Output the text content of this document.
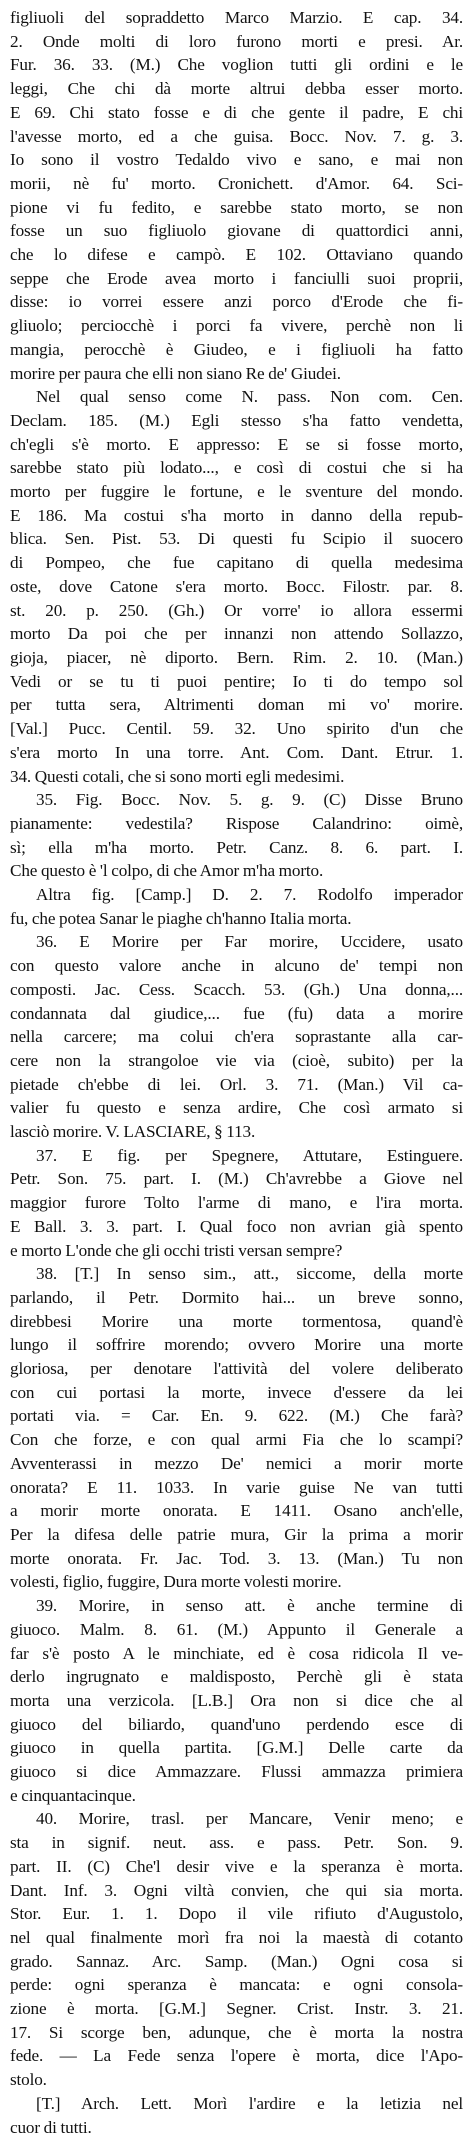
figliuoli del sopraddetto Marco Marzio. E cap. 34.
2. Onde molti di loro furono morti e presi. Ar.
Fur. 36. 33. (M.) Che voglion tutti gli ordini e le
leggi, Che chi dà morte altrui debba esser morto.
E 69. Chi stato fosse e di che gente il padre, E chi
l'avesse morto, ed a che guisa. Bocc. Nov. 7. g. 3.
Io sono il vostro Tedaldo vivo e sano, e mai non
morii, nè fu' morto. Cronichett. d'Amor. 64. Sci-
pione vi fu fedito, e sarebbe stato morto, se non
fosse un suo figliuolo giovane di quattordici anni,
che lo difese e campò. E 102. Ottaviano quando
seppe che Erode avea morto i fanciulli suoi proprii,
disse: io vorrei essere anzi porco d'Erode che fi-
gliuolo; perciocchè i porci fa vivere, perchè non li
mangia, perocchè è Giudeo, e i figliuoli ha fatto
morire per paura che elli non siano Re de' Giudei.
Nel qual senso come N. pass. Non com. Cen.
Declam. 185. (M.) Egli stesso s'ha fatto vendetta,
ch'egli s'è morto. E appresso: E se si fosse morto,
sarebbe stato più lodato..., e così di costui che si ha
morto per fuggire le fortune, e le sventure del mondo.
E 186. Ma costui s'ha morto in danno della repub-
blica. Sen. Pist. 53. Di questi fu Scipio il suocero
di Pompeo, che fue capitano di quella medesima
oste, dove Catone s'era morto. Bocc. Filostr. par. 8.
st. 20. p. 250. (Gh.) Or vorre' io allora essermi
morto Da poi che per innanzi non attendo Sollazzo,
gioja, piacer, nè diporto. Bern. Rim. 2. 10. (Man.)
Vedi or se tu ti puoi pentire; Io ti do tempo sol
per tutta sera, Altrimenti doman mi vo' morire.
[Val.] Pucc. Centil. 59. 32. Uno spirito d'un che
s'era morto In una torre. Ant. Com. Dant. Etrur. 1.
34. Questi cotali, che si sono morti egli medesimi.
35. Fig. Bocc. Nov. 5. g. 9. (C) Disse Bruno
pianamente: vedestila? Rispose Calandrino: oimè,
sì; ella m'ha morto. Petr. Canz. 8. 6. part. I.
Che questo è 'l colpo, di che Amor m'ha morto.
Altra fig. [Camp.] D. 2. 7. Rodolfo imperador
fu, che potea Sanar le piaghe ch'hanno Italia morta.
36. E Morire per Far morire, Uccidere, usato
con questo valore anche in alcuno de' tempi non
composti. Jac. Cess. Scacch. 53. (Gh.) Una donna,...
condannata dal giudice,... fue (fu) data a morire
nella carcere; ma colui ch'era soprastante alla car-
cere non la strangoloe vie via (cioè, subito) per la
pietade ch'ebbe di lei. Orl. 3. 71. (Man.) Vil ca-
valier fu questo e senza ardire, Che così armato si
lasciò morire. V. LASCIARE, § 113.
37. E fig. per Spegnere, Attutare, Estinguere.
Petr. Son. 75. part. I. (M.) Ch'avrebbe a Giove nel
maggior furore Tolto l'arme di mano, e l'ira morta.
E Ball. 3. 3. part. I. Qual foco non avrian già spento
e morto L'onde che gli occhi tristi versan sempre?
38. [T.] In senso sim., att., siccome, della morte
parlando, il Petr. Dormito hai... un breve sonno,
direbbesi Morire una morte tormentosa, quand'è
lungo il soffrire morendo; ovvero Morire una morte
gloriosa, per denotare l'attività del volere deliberato
con cui portasi la morte, invece d'essere da lei
portati via. = Car. En. 9. 622. (M.) Che farà?
Con che forze, e con qual armi Fia che lo scampi?
Avventerassi in mezzo De' nemici a morir morte
onorata? E 11. 1033. In varie guise Ne van tutti
a morir morte onorata. E 1411. Osano anch'elle,
Per la difesa delle patrie mura, Gir la prima a morir
morte onorata. Fr. Jac. Tod. 3. 13. (Man.) Tu non
volesti, figlio, fuggire, Dura morte volesti morire.
39. Morire, in senso att. è anche termine di
giuoco. Malm. 8. 61. (M.) Appunto il Generale a
far s'è posto A le minchiate, ed è cosa ridicola Il ve-
derlo ingrugnato e maldisposto, Perchè gli è stata
morta una verzicola. [L.B.] Ora non si dice che al
giuoco del biliardo, quand'uno perdendo esce di
giuoco in quella partita. [G.M.] Delle carte da
giuoco si dice Ammazzare. Flussi ammazza primiera
e cinquantacinque.
40. Morire, trasl. per Mancare, Venir meno; e
sta in signif. neut. ass. e pass. Petr. Son. 9.
part. II. (C) Che'l desir vive e la speranza è morta.
Dant. Inf. 3. Ogni viltà convien, che qui sia morta.
Stor. Eur. 1. 1. Dopo il vile rifiuto d'Augustolo,
nel qual finalmente morì fra noi la maestà di cotanto
grado. Sannaz. Arc. Samp. (Man.) Ogni cosa si
perde: ogni speranza è mancata: e ogni consola-
zione è morta. [G.M.] Segner. Crist. Instr. 3. 21.
17. Si scorge ben, adunque, che è morta la nostra
fede. — La Fede senza l'opere è morta, dice l'Apo-
stolo.
[T.] Arch. Lett. Morì l'ardire e la letizia nel
cuor di tutti.
